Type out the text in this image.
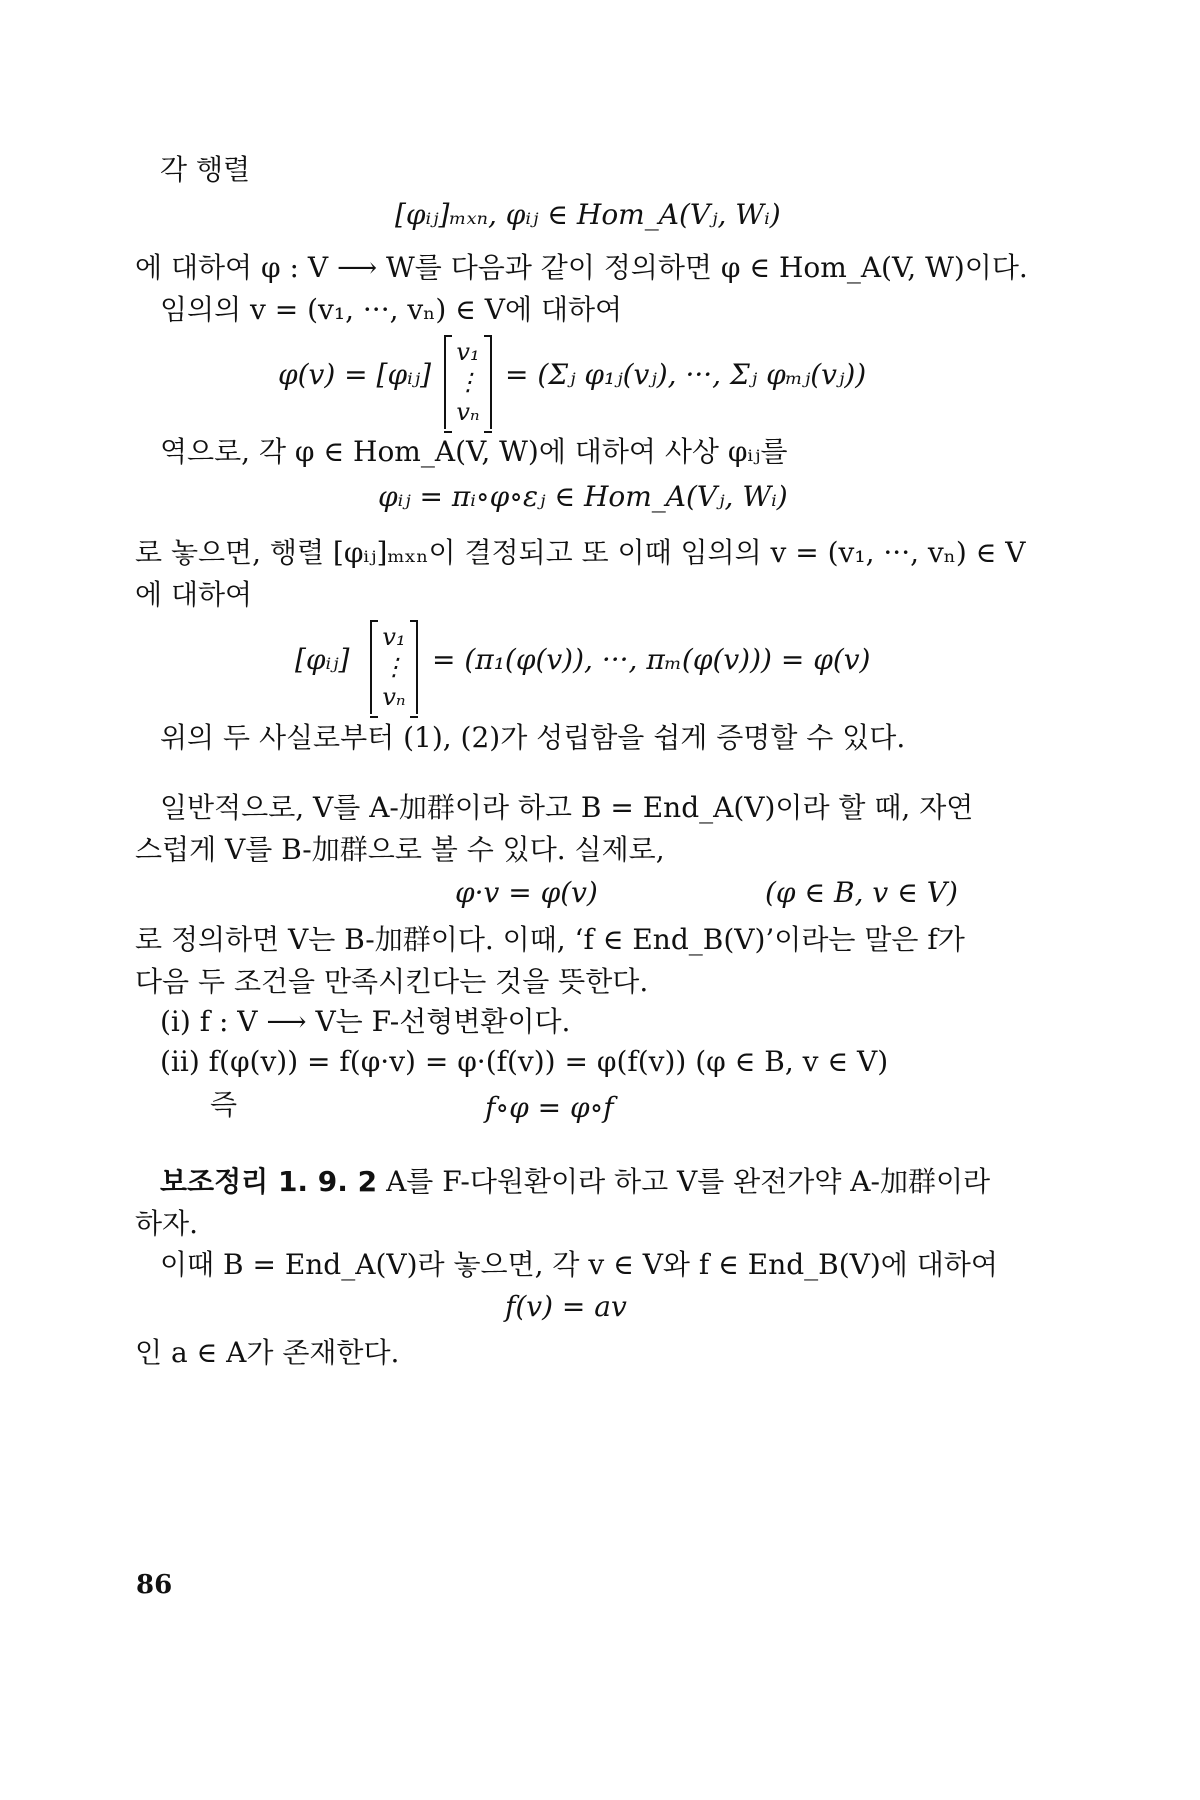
각 행렬
[φᵢⱼ]ₘₓₙ, φᵢⱼ ∈ Hom_A(Vⱼ, Wᵢ)
에 대하여 φ : V ⟶ W를 다음과 같이 정의하면 φ ∈ Hom_A(V, W)이다.
임의의 v = (v₁, ···, vₙ) ∈ V에 대하여
φ(v) = [φᵢⱼ]
v₁
⋮
vₙ
= (Σⱼ φ₁ⱼ(vⱼ), ···, Σⱼ φₘⱼ(vⱼ))
역으로, 각 φ ∈ Hom_A(V, W)에 대하여 사상 φᵢⱼ를
φᵢⱼ = πᵢ∘φ∘εⱼ ∈ Hom_A(Vⱼ, Wᵢ)
로 놓으면, 행렬 [φᵢⱼ]ₘₓₙ이 결정되고 또 이때 임의의 v = (v₁, ···, vₙ) ∈ V
에 대하여
[φᵢⱼ]
v₁
⋮
vₙ
= (π₁(φ(v)), ···, πₘ(φ(v))) = φ(v)
위의 두 사실로부터 (1), (2)가 성립함을 쉽게 증명할 수 있다.
일반적으로, V를 A-加群이라 하고 B = End_A(V)이라 할 때, 자연
스럽게 V를 B-加群으로 볼 수 있다. 실제로,
φ·v = φ(v)	(φ ∈ B, v ∈ V)
로 정의하면 V는 B-加群이다. 이때, ‘f ∈ End_B(V)’이라는 말은 f가
다음 두 조건을 만족시킨다는 것을 뜻한다.
(i) f : V ⟶ V는 F-선형변환이다.
(ii) f(φ(v)) = f(φ·v) = φ·(f(v)) = φ(f(v)) (φ ∈ B, v ∈ V)
즉	f∘φ = φ∘f
보조정리 1. 9. 2 A를 F-다원환이라 하고 V를 완전가약 A-加群이라
하자.
이때 B = End_A(V)라 놓으면, 각 v ∈ V와 f ∈ End_B(V)에 대하여
f(v) = av
인 a ∈ A가 존재한다.
86
